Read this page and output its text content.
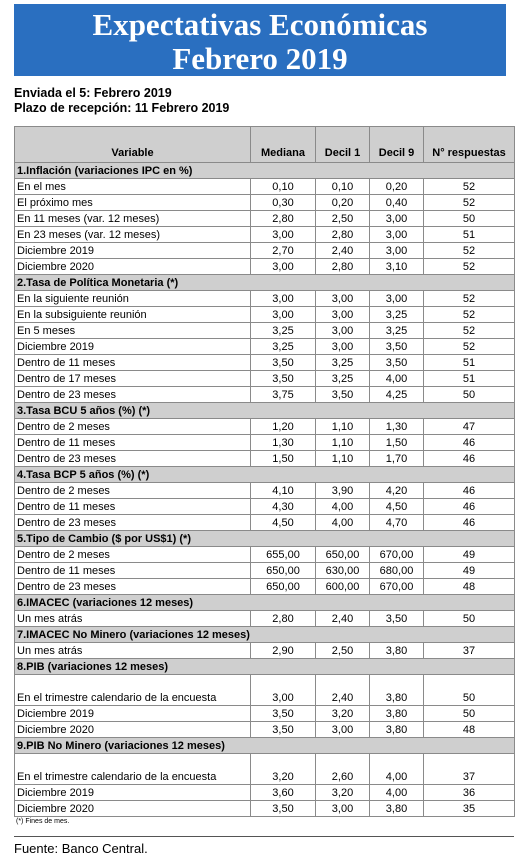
Expectativas Económicas
Febrero 2019
Enviada el 5: Febrero 2019
Plazo de recepción: 11 Febrero 2019
Variable	Mediana	Decil 1	Decil 9	N° respuestas
1.Inflación (variaciones IPC en %)				
En el mes	0,10	0,10	0,20	52
El próximo mes	0,30	0,20	0,40	52
En 11 meses (var. 12 meses)	2,80	2,50	3,00	50
En 23 meses (var. 12 meses)	3,00	2,80	3,00	51
Diciembre 2019	2,70	2,40	3,00	52
Diciembre 2020	3,00	2,80	3,10	52
2.Tasa de Política Monetaria (*)				
En la siguiente reunión	3,00	3,00	3,00	52
En la subsiguiente reunión	3,00	3,00	3,25	52
En 5 meses	3,25	3,00	3,25	52
Diciembre 2019	3,25	3,00	3,50	52
Dentro de 11 meses	3,50	3,25	3,50	51
Dentro de 17 meses	3,50	3,25	4,00	51
Dentro de 23 meses	3,75	3,50	4,25	50
3.Tasa BCU 5 años (%) (*)				
Dentro de 2 meses	1,20	1,10	1,30	47
Dentro de 11 meses	1,30	1,10	1,50	46
Dentro de 23 meses	1,50	1,10	1,70	46
4.Tasa BCP 5 años (%) (*)				
Dentro de 2 meses	4,10	3,90	4,20	46
Dentro de 11 meses	4,30	4,00	4,50	46
Dentro de 23 meses	4,50	4,00	4,70	46
5.Tipo de Cambio ($ por US$1) (*)				
Dentro de 2 meses	655,00	650,00	670,00	49
Dentro de 11 meses	650,00	630,00	680,00	49
Dentro de 23 meses	650,00	600,00	670,00	48
6.IMACEC (variaciones 12 meses)				
Un mes atrás	2,80	2,40	3,50	50
7.IMACEC No Minero (variaciones 12 meses)				
Un mes atrás	2,90	2,50	3,80	37
8.PIB (variaciones 12 meses)				
En el trimestre calendario de la encuesta	3,00	2,40	3,80	50
Diciembre 2019	3,50	3,20	3,80	50
Diciembre 2020	3,50	3,00	3,80	48
9.PIB No Minero (variaciones 12 meses)				
En el trimestre calendario de la encuesta	3,20	2,60	4,00	37
Diciembre 2019	3,60	3,20	4,00	36
Diciembre 2020	3,50	3,00	3,80	35
(*) Fines de mes.
Fuente: Banco Central.
